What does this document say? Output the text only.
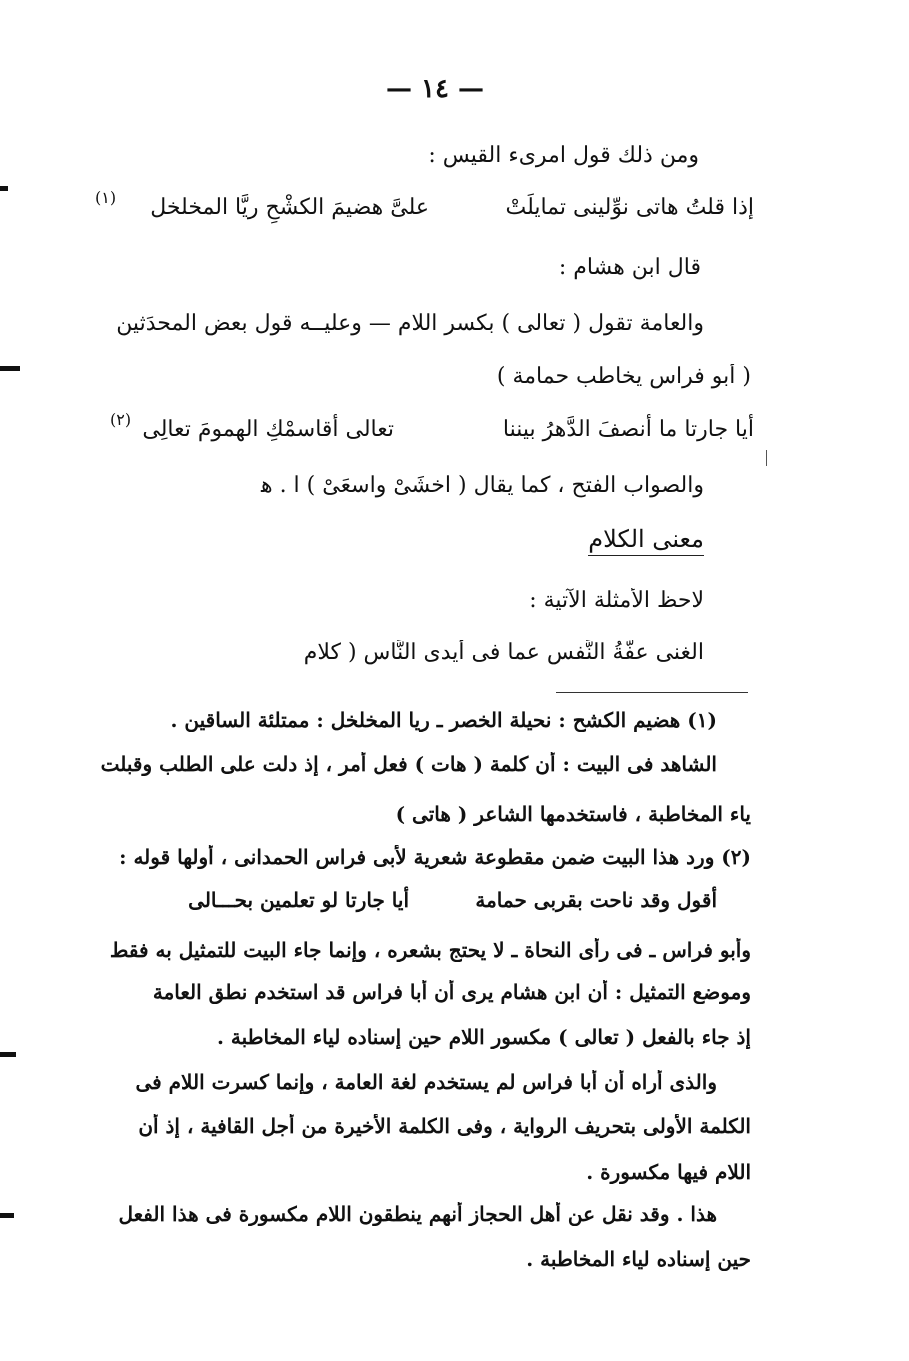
— ١٤ —
ومن ذلك قول امرىء القيس :
إذا قلتُ هاتى نوِّلينى تمايلَتْ
علىَّ هضيمَ الكشْحِ ريَّا المخلخل
(١)
قال ابن هشام :
والعامة تقول ( تعالى ) بكسر اللام — وعليــه قول بعض المحدَثين
( أبو فراس يخاطب حمامة )
أيا جارتا ما أنصفَ الدَّهرُ بيننا
تعالى أقاسمْكِ الهمومَ تعالِى
(٢)
والصواب الفتح ، كما يقال ( اخشَىْ واسعَىْ ) ا . ﻫ
معنى الكلام
لاحظ الأمثلة الآتية :
الغنى عفَّةُ النَّفس عما فى أيدى النَّاس ( كلام
(١) هضيم الكشح : نحيلة الخصر ـ ريا المخلخل : ممتلئة الساقين .
الشاهد فى البيت : أن كلمة ( هات ) فعل أمر ، إذ دلت على الطلب وقبلت
ياء المخاطبة ، فاستخدمها الشاعر ( هاتى )
(٢) ورد هذا البيت ضمن مقطوعة شعرية لأبى فراس الحمدانى ، أولها قوله :
أقول وقد ناحت بقربى حمامة
أيا جارتا لو تعلمين بحـــالى
وأبو فراس ـ فى رأى النحاة ـ لا يحتج بشعره ، وإنما جاء البيت للتمثيل به فقط
وموضع التمثيل : أن ابن هشام يرى أن أبا فراس قد استخدم نطق العامة
إذ جاء بالفعل ( تعالى ) مكسور اللام حين إسناده لياء المخاطبة .
والذى أراه أن أبا فراس لم يستخدم لغة العامة ، وإنما كسرت اللام فى
الكلمة الأولى بتحريف الرواية ، وفى الكلمة الأخيرة من أجل القافية ، إذ أن
اللام فيها مكسورة .
هذا . وقد نقل عن أهل الحجاز أنهم ينطقون اللام مكسورة فى هذا الفعل
حين إسناده لياء المخاطبة .
